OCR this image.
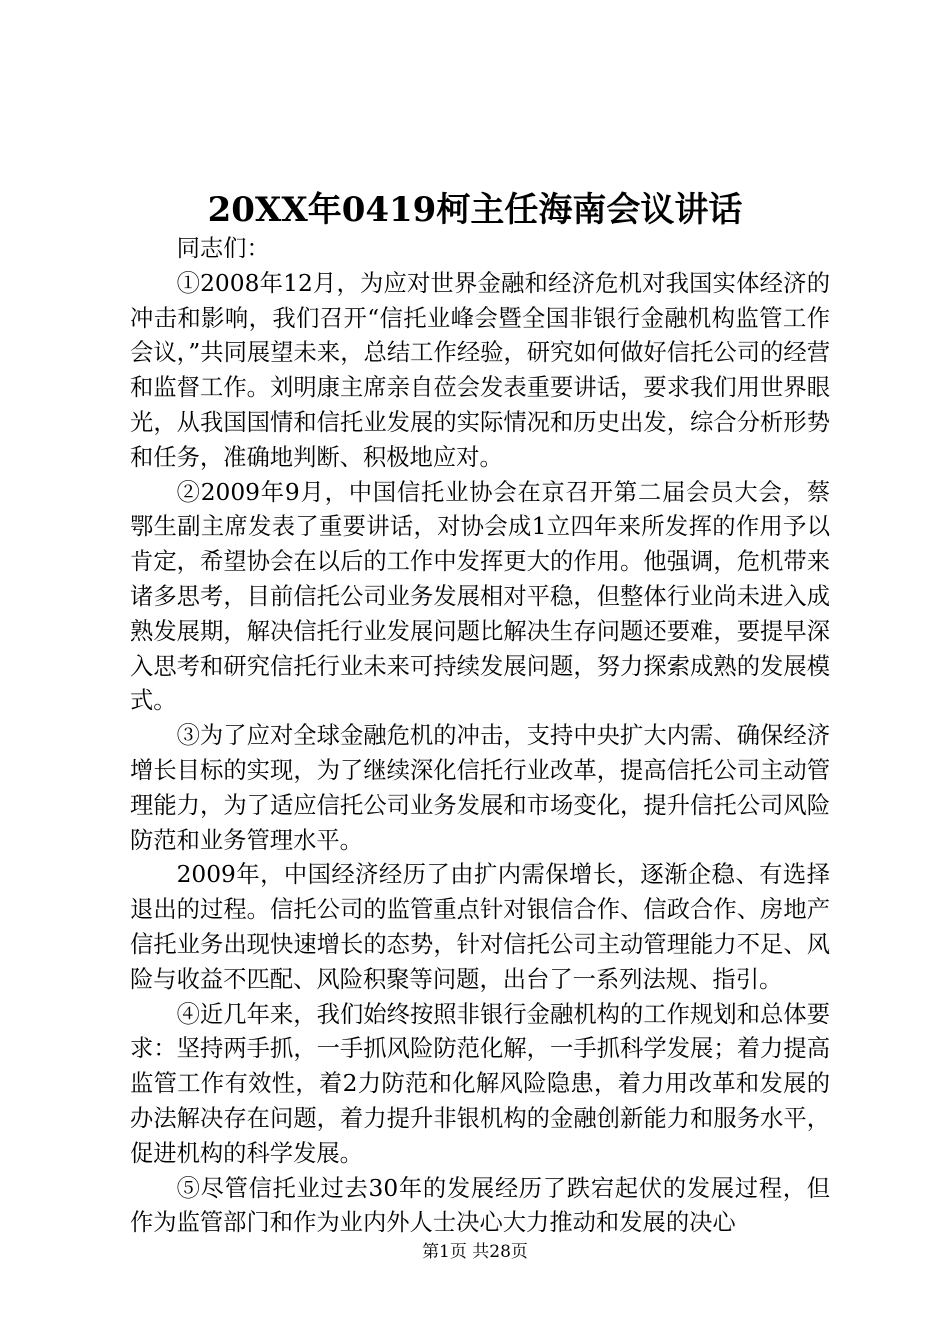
20XX年0419柯主任海南会议讲话

同志们：

①2008年12月，为应对世界金融和经济危机对我国实体经济的冲击和影响，我们召开“信托业峰会暨全国非银行金融机构监管工作会议，”共同展望未来，总结工作经验，研究如何做好信托公司的经营和监督工作。刘明康主席亲自莅会发表重要讲话，要求我们用世界眼光，从我国国情和信托业发展的实际情况和历史出发，综合分析形势和任务，准确地判断、积极地应对。

②2009年9月，中国信托业协会在京召开第二届会员大会，蔡鄂生副主席发表了重要讲话，对协会成1立四年来所发挥的作用予以肯定，希望协会在以后的工作中发挥更大的作用。他强调，危机带来诸多思考，目前信托公司业务发展相对平稳，但整体行业尚未进入成熟发展期，解决信托行业发展问题比解决生存问题还要难，要提早深入思考和研究信托行业未来可持续发展问题，努力探索成熟的发展模式。

③为了应对全球金融危机的冲击，支持中央扩大内需、确保经济增长目标的实现，为了继续深化信托行业改革，提高信托公司主动管理能力，为了适应信托公司业务发展和市场变化，提升信托公司风险防范和业务管理水平。

2009年，中国经济经历了由扩内需保增长，逐渐企稳、有选择退出的过程。信托公司的监管重点针对银信合作、信政合作、房地产信托业务出现快速增长的态势，针对信托公司主动管理能力不足、风险与收益不匹配、风险积聚等问题，出台了一系列法规、指引。

④近几年来，我们始终按照非银行金融机构的工作规划和总体要求：坚持两手抓，一手抓风险防范化解，一手抓科学发展；着力提高监管工作有效性，着2力防范和化解风险隐患，着力用改革和发展的办法解决存在问题，着力提升非银机构的金融创新能力和服务水平，促进机构的科学发展。

⑤尽管信托业过去30年的发展经历了跌宕起伏的发展过程，但作为监管部门和作为业内外人士决心大力推动和发展的决心

第1页 共28页
